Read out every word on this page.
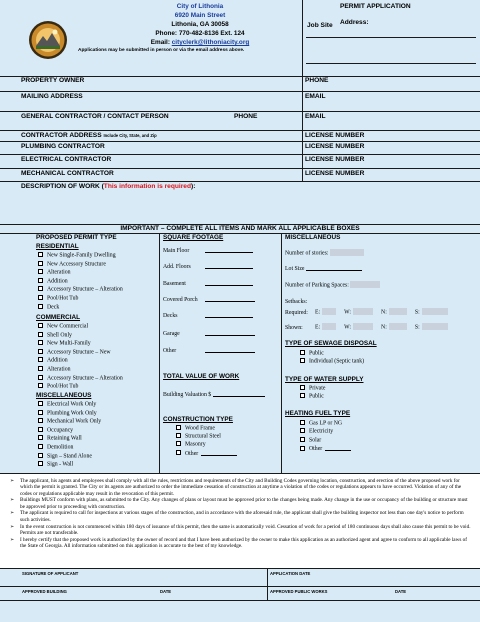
City of Lithonia
6920 Main Street
Lithonia, GA 30058
Phone: 770-482-8136 Ext. 124
Email: cityclerk@lithoniacity.org
Applications may be submitted in person or via the email address above.
PERMIT APPLICATION
Job Site Address:
PROPERTY OWNER	PHONE
MAILING ADDRESS	EMAIL
GENERAL CONTRACTOR / CONTACT PERSON	PHONE	EMAIL
CONTRACTOR ADDRESS Include City, State, and Zip	LICENSE NUMBER
PLUMBING CONTRACTOR	LICENSE NUMBER
ELECTRICAL CONTRACTOR	LICENSE NUMBER
MECHANICAL CONTRACTOR	LICENSE NUMBER
DESCRIPTION OF WORK (This information is required):
IMPORTANT – COMPLETE ALL ITEMS AND MARK ALL APPLICABLE BOXES
PROPOSED PERMIT TYPE
RESIDENTIAL
New Single-Family Dwelling
New Accessory Structure
Alteration
Addition
Accessory Structure – Alteration
Pool/Hot Tub
Deck
COMMERCIAL
New Commercial
Shell Only
New Multi-Family
Accessory Structure – New
Addition
Alteration
Accessory Structure – Alteration
Pool/Hot Tub
MISCELLANEOUS
Electrical Work Only
Plumbing Work Only
Mechanical Work Only
Occupancy
Retaining Wall
Demolition
Sign – Stand Alone
Sign - Wall
SQUARE FOOTAGE
Main Floor
Add. Floors
Basement
Covered Porch
Decks
Garage
Other
TOTAL VALUE OF WORK
Building Valuation $
CONSTRUCTION TYPE
Wood Frame
Structural Steel
Masonry
Other
MISCELLANEOUS
Number of stories:
Lot Size
Number of Parking Spaces:
Setbacks:
Required: E:	W:	N:	S:
Shown: E:	W:	N:	S:
TYPE OF SEWAGE DISPOSAL
Public
Individual (Septic tank)
TYPE OF WATER SUPPLY
Private
Public
HEATING FUEL TYPE
Gas LP or NG
Electricity
Solar
Other
➢ The applicant, his agents and employees shall comply with all the rules, restrictions and requirements of the City and Building Codes governing location, construction, and erection of the above proposed work for which the permit is granted. The City or its agents are authorized to order the immediate cessation of construction at anytime a violation of the codes or regulations appears to have occurred. Violation of any of the codes or regulations applicable may result in the revocation of this permit.
➢ Buildings MUST conform with plans, as submitted to the City. Any changes of plans or layout must be approved prior to the changes being made. Any change in the use or occupancy of the building or structure must be approved prior to proceeding with construction.
➢ The applicant is required to call for inspections at various stages of the construction, and in accordance with the aforesaid rule, the applicant shall give the building inspector not less than one day's notice to perform such activities.
➢ In the event construction is not commenced within 180 days of issuance of this permit, then the same is automatically void. Cessation of work for a period of 180 continuous days shall also cause this permit to be void. Permits are not transferable.
➢ I hereby certify that the proposed work is authorized by the owner of record and that I have been authorized by the owner to make this application as an authorized agent and agree to conform to all applicable laws of the State of Georgia. All information submitted on this application is accurate to the best of my knowledge.
SIGNATURE OF APPLICANT	APPLICATION DATE
APPROVED BUILDING	DATE	APPROVED PUBLIC WORKS	DATE
